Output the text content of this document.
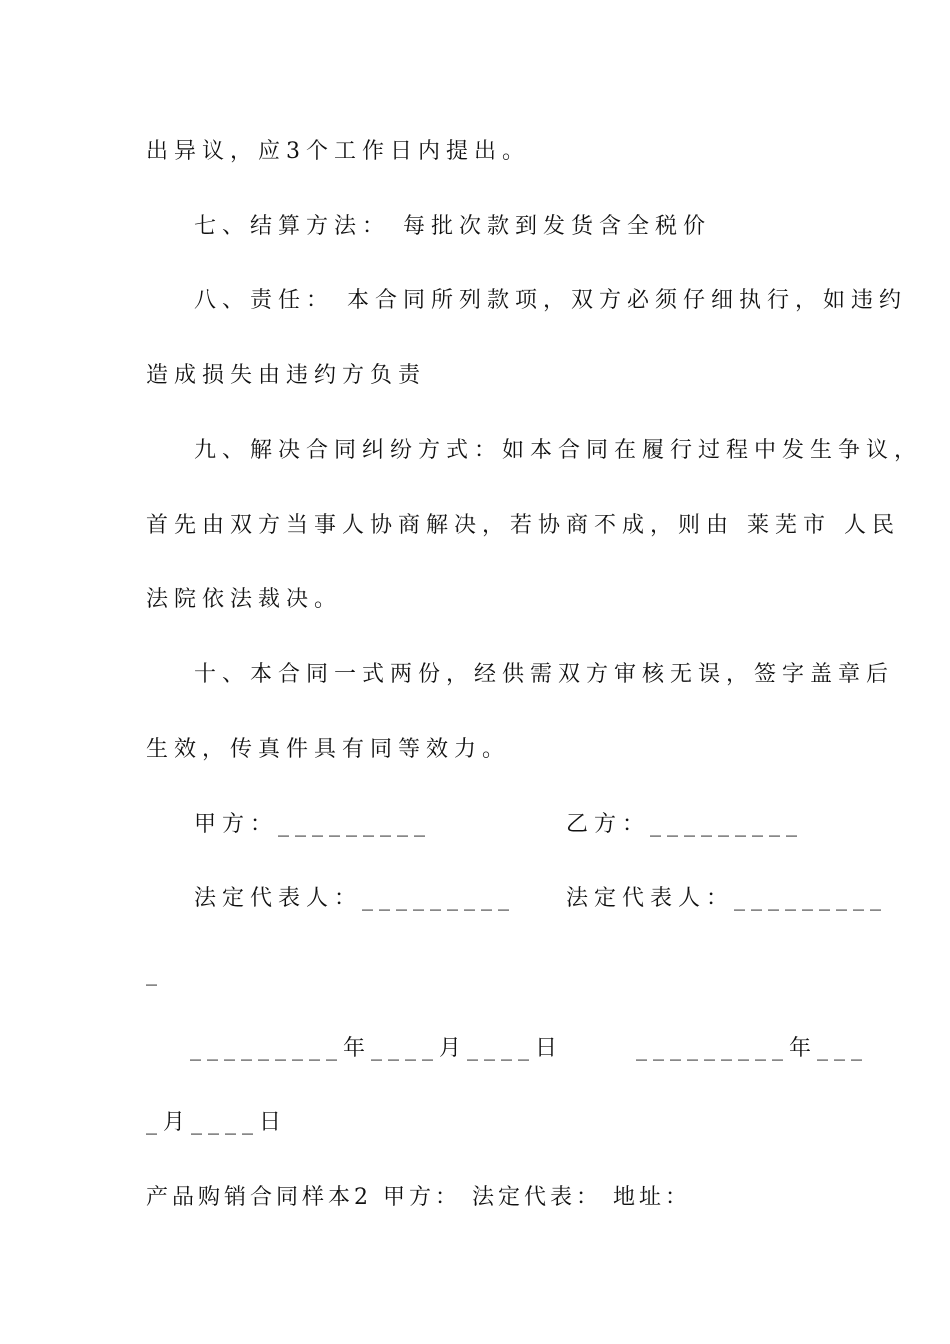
出异议，应3个工作日内提出。
七、结算方法： 每批次款到发货含全税价
八、责任： 本合同所列款项，双方必须仔细执行，如违约
造成损失由违约方负责
九、解决合同纠纷方式：如本合同在履行过程中发生争议，
首先由双方当事人协商解决，若协商不成，则由 莱芜市 人民
法院依法裁决。
十、本合同一式两份，经供需双方审核无误，签字盖章后
生效，传真件具有同等效力。
甲方：_________	乙方：_________
法定代表人：_________ 法定代表人：_________
_
_________年____月____日	_________年___
_月____日
产品购销合同样本2 甲方： 法定代表： 地址：
